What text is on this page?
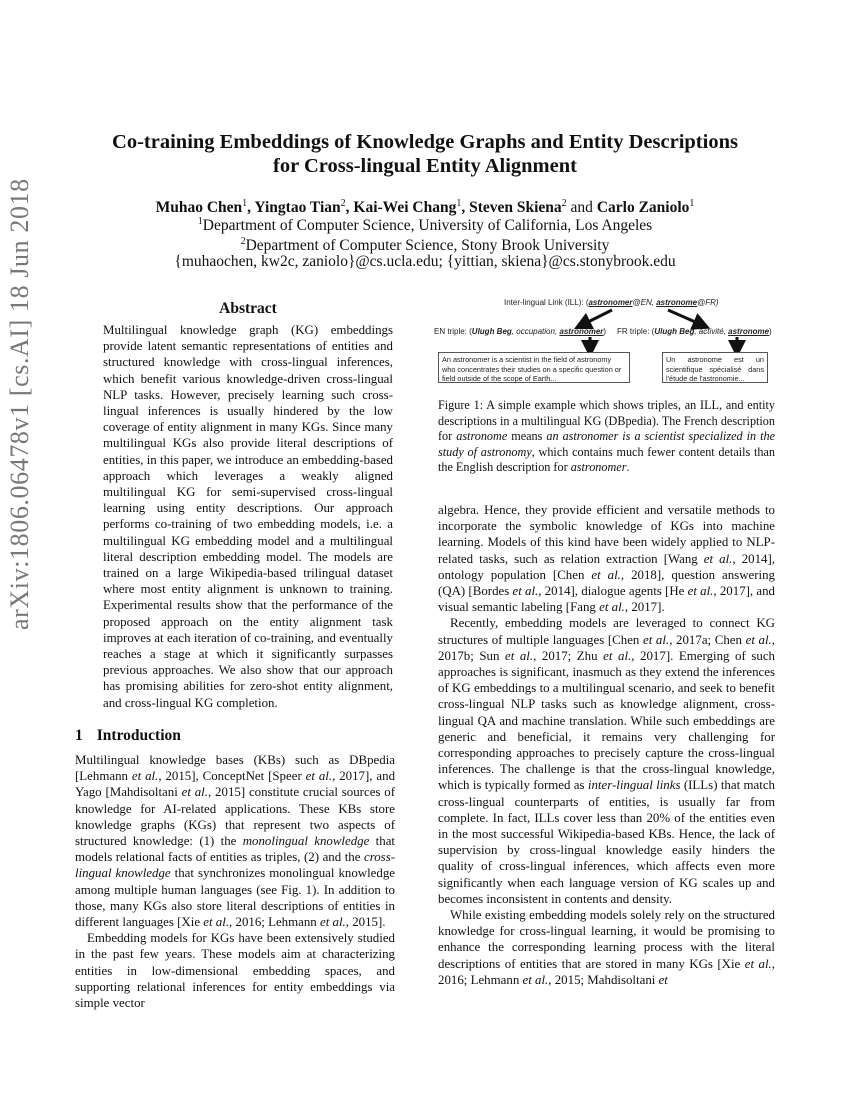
arXiv:1806.06478v1 [cs.AI] 18 Jun 2018
Co-training Embeddings of Knowledge Graphs and Entity Descriptions
for Cross-lingual Entity Alignment
Muhao Chen$^1$, Yingtao Tian$^2$, Kai-Wei Chang$^1$, Steven Skiena$^2$ and Carlo Zaniolo$^1$
$^1$Department of Computer Science, University of California, Los Angeles
$^2$Department of Computer Science, Stony Brook University
{muhaochen, kw2c, zaniolo}@cs.ucla.edu; {yittian, skiena}@cs.stonybrook.edu
Abstract
Multilingual knowledge graph (KG) embeddings provide latent semantic representations of entities and structured knowledge with cross-lingual inferences, which benefit various knowledge-driven cross-lingual NLP tasks. However, precisely learning such cross-lingual inferences is usually hindered by the low coverage of entity alignment in many KGs. Since many multilingual KGs also provide literal descriptions of entities, in this paper, we introduce an embedding-based approach which leverages a weakly aligned multilingual KG for semi-supervised cross-lingual learning using entity descriptions. Our approach performs co-training of two embedding models, i.e. a multilingual KG embedding model and a multilingual literal description embedding model. The models are trained on a large Wikipedia-based trilingual dataset where most entity alignment is unknown to training. Experimental results show that the performance of the proposed approach on the entity alignment task improves at each iteration of co-training, and eventually reaches a stage at which it significantly surpasses previous approaches. We also show that our approach has promising abilities for zero-shot entity alignment, and cross-lingual KG completion.
Inter-lingual Link (ILL): (astronomer@EN, astronome@FR)
EN triple: (Ulugh Beg, occupation, astronomer) FR triple: (Ulugh Beg, activité, astronome)
An astronomer is a scientist in the field of astronomy who concentrates their studies on a specific question or field outside of the scope of Earth...
Un astronome est un scientifique spécialisé dans l'étude de l'astronomie...
Figure 1: A simple example which shows triples, an ILL, and entity descriptions in a multilingual KG (DBpedia). The French description for astronome means an astronomer is a scientist specialized in the study of astronomy, which contains much fewer content details than the English description for astronomer.
1 Introduction

Multilingual knowledge bases (KBs) such as DBpedia [Lehmann et al., 2015], ConceptNet [Speer et al., 2017], and Yago [Mahdisoltani et al., 2015] constitute crucial sources of knowledge for AI-related applications. These KBs store knowledge graphs (KGs) that represent two aspects of structured knowledge: (1) the monolingual knowledge that models relational facts of entities as triples, (2) and the cross-lingual knowledge that synchronizes monolingual knowledge among multiple human languages (see Fig. 1). In addition to those, many KGs also store literal descriptions of entities in different languages [Xie et al., 2016; Lehmann et al., 2015].

Embedding models for KGs have been extensively studied in the past few years. These models aim at characterizing entities in low-dimensional embedding spaces, and supporting relational inferences for entity embeddings via simple vector

algebra. Hence, they provide efficient and versatile methods to incorporate the symbolic knowledge of KGs into machine learning. Models of this kind have been widely applied to NLP-related tasks, such as relation extraction [Wang et al., 2014], ontology population [Chen et al., 2018], question answering (QA) [Bordes et al., 2014], dialogue agents [He et al., 2017], and visual semantic labeling [Fang et al., 2017].

Recently, embedding models are leveraged to connect KG structures of multiple languages [Chen et al., 2017a; Chen et al., 2017b; Sun et al., 2017; Zhu et al., 2017]. Emerging of such approaches is significant, inasmuch as they extend the inferences of KG embeddings to a multilingual scenario, and seek to benefit cross-lingual NLP tasks such as knowledge alignment, cross-lingual QA and machine translation. While such embeddings are generic and beneficial, it remains very challenging for corresponding approaches to precisely capture the cross-lingual inferences. The challenge is that the cross-lingual knowledge, which is typically formed as inter-lingual links (ILLs) that match cross-lingual counterparts of entities, is usually far from complete. In fact, ILLs cover less than 20% of the entities even in the most successful Wikipedia-based KBs. Hence, the lack of supervision by cross-lingual knowledge easily hinders the quality of cross-lingual inferences, which affects even more significantly when each language version of KG scales up and becomes inconsistent in contents and density.

While existing embedding models solely rely on the structured knowledge for cross-lingual learning, it would be promising to enhance the corresponding learning process with the literal descriptions of entities that are stored in many KGs [Xie et al., 2016; Lehmann et al., 2015; Mahdisoltani et
